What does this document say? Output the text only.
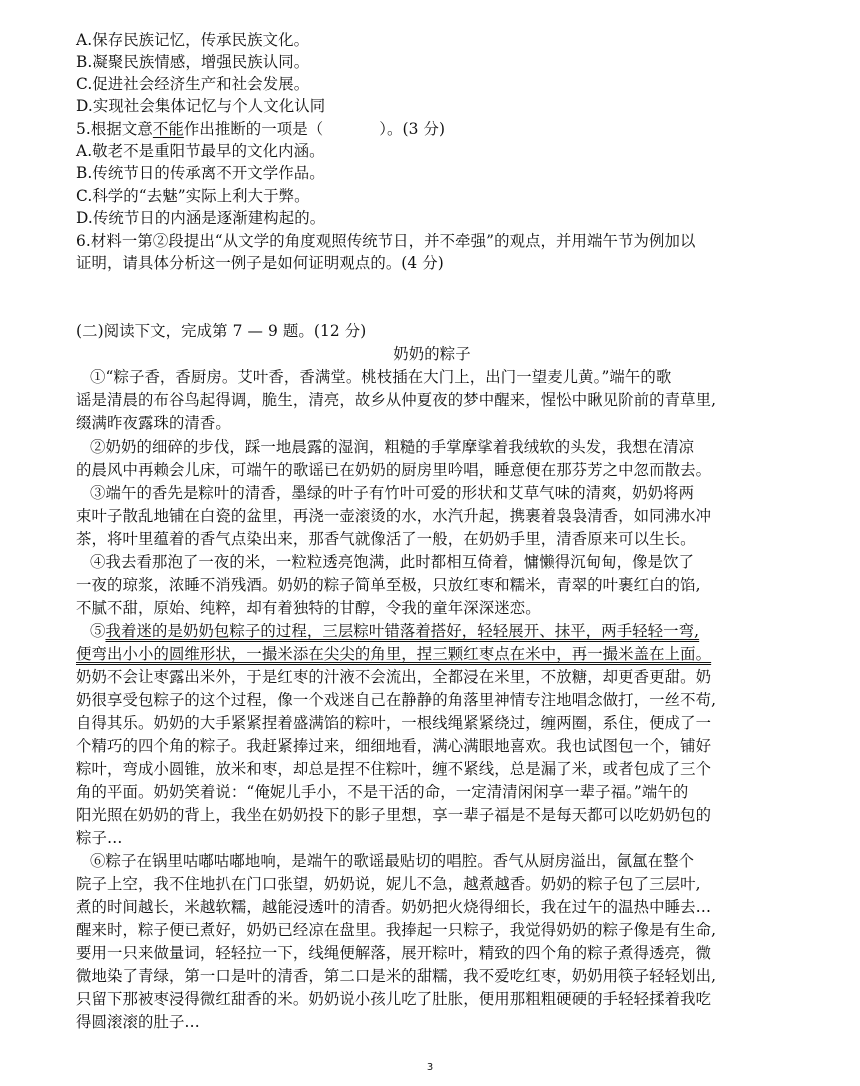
A.保存民族记忆，传承民族文化。
B.凝聚民族情感，增强民族认同。
C.促进社会经济生产和社会发展。
D.实现社会集体记忆与个人文化认同
5.根据文意不能作出推断的一项是（	）。(3 分)
A.敬老不是重阳节最早的文化内涵。
B.传统节日的传承离不开文学作品。
C.科学的“去魅”实际上利大于弊。
D.传统节日的内涵是逐渐建构起的。
6.材料一第②段提出“从文学的角度观照传统节日，并不牵强”的观点，并用端午节为例加以
证明，请具体分析这一例子是如何证明观点的。(4 分)
(二)阅读下文，完成第 7 — 9 题。(12 分)
奶奶的粽子
①“粽子香，香厨房。艾叶香，香满堂。桃枝插在大门上，出门一望麦儿黄。”端午的歌
谣是清晨的布谷鸟起得调，脆生，清亮，故乡从仲夏夜的梦中醒来，惺忪中瞅见阶前的青草里,
缀满昨夜露珠的清香。
②奶奶的细碎的步伐，踩一地晨露的湿润，粗糙的手掌摩挲着我绒软的头发，我想在清凉
的晨风中再赖会儿床，可端午的歌谣已在奶奶的厨房里吟唱，睡意便在那芬芳之中忽而散去。
③端午的香先是粽叶的清香，墨绿的叶子有竹叶可爱的形状和艾草气味的清爽，奶奶将两
束叶子散乱地铺在白瓷的盆里，再浇一壶滚烫的水，水汽升起，携裹着袅袅清香，如同沸水冲
茶，将叶里蕴着的香气点染出来，那香气就像活了一般，在奶奶手里，清香原来可以生长。
④我去看那泡了一夜的米，一粒粒透亮饱满，此时都相互倚着，慵懒得沉甸甸，像是饮了
一夜的琼浆，浓睡不消残酒。奶奶的粽子简单至极，只放红枣和糯米，青翠的叶裹红白的馅,
不腻不甜，原始、纯粹，却有着独特的甘醇，令我的童年深深迷恋。
⑤我着迷的是奶奶包粽子的过程，三层粽叶错落着搭好，轻轻展开、抹平，两手轻轻一弯,
便弯出小小的圆维形状，一撮米添在尖尖的角里，捏三颗红枣点在米中，再一撮米盖在上面。
奶奶不会让枣露出米外，于是红枣的汁液不会流出，全都浸在米里，不放糖，却更香更甜。奶
奶很享受包粽子的这个过程，像一个戏迷自己在静静的角落里神情专注地唱念做打，一丝不苟,
自得其乐。奶奶的大手紧紧捏着盛满馅的粽叶，一根线绳紧紧绕过，缠两圈，系住，便成了一
个精巧的四个角的粽子。我赶紧捧过来，细细地看，满心满眼地喜欢。我也试图包一个，铺好
粽叶，弯成小圆锥，放米和枣，却总是捏不住粽叶，缠不紧线，总是漏了米，或者包成了三个
角的平面。奶奶笑着说：“俺妮儿手小，不是干活的命，一定清清闲闲享一辈子福。”端午的
阳光照在奶奶的背上，我坐在奶奶投下的影子里想，享一辈子福是不是每天都可以吃奶奶包的
粽子…
⑥粽子在锅里咕嘟咕嘟地响，是端午的歌谣最贴切的唱腔。香气从厨房溢出，氤氲在整个
院子上空，我不住地扒在门口张望，奶奶说，妮儿不急，越煮越香。奶奶的粽子包了三层叶,
煮的时间越长，米越软糯，越能浸透叶的清香。奶奶把火烧得细长，我在过午的温热中睡去…
醒来时，粽子便已煮好，奶奶已经凉在盘里。我捧起一只粽子，我觉得奶奶的粽子像是有生命,
要用一只来做量词，轻轻拉一下，线绳便解落，展开粽叶，精致的四个角的粽子煮得透亮，微
微地染了青绿，第一口是叶的清香，第二口是米的甜糯，我不爱吃红枣，奶奶用筷子轻轻划出,
只留下那被枣浸得微红甜香的米。奶奶说小孩儿吃了肚胀，便用那粗粗硬硬的手轻轻揉着我吃
得圆滚滚的肚子…
3
